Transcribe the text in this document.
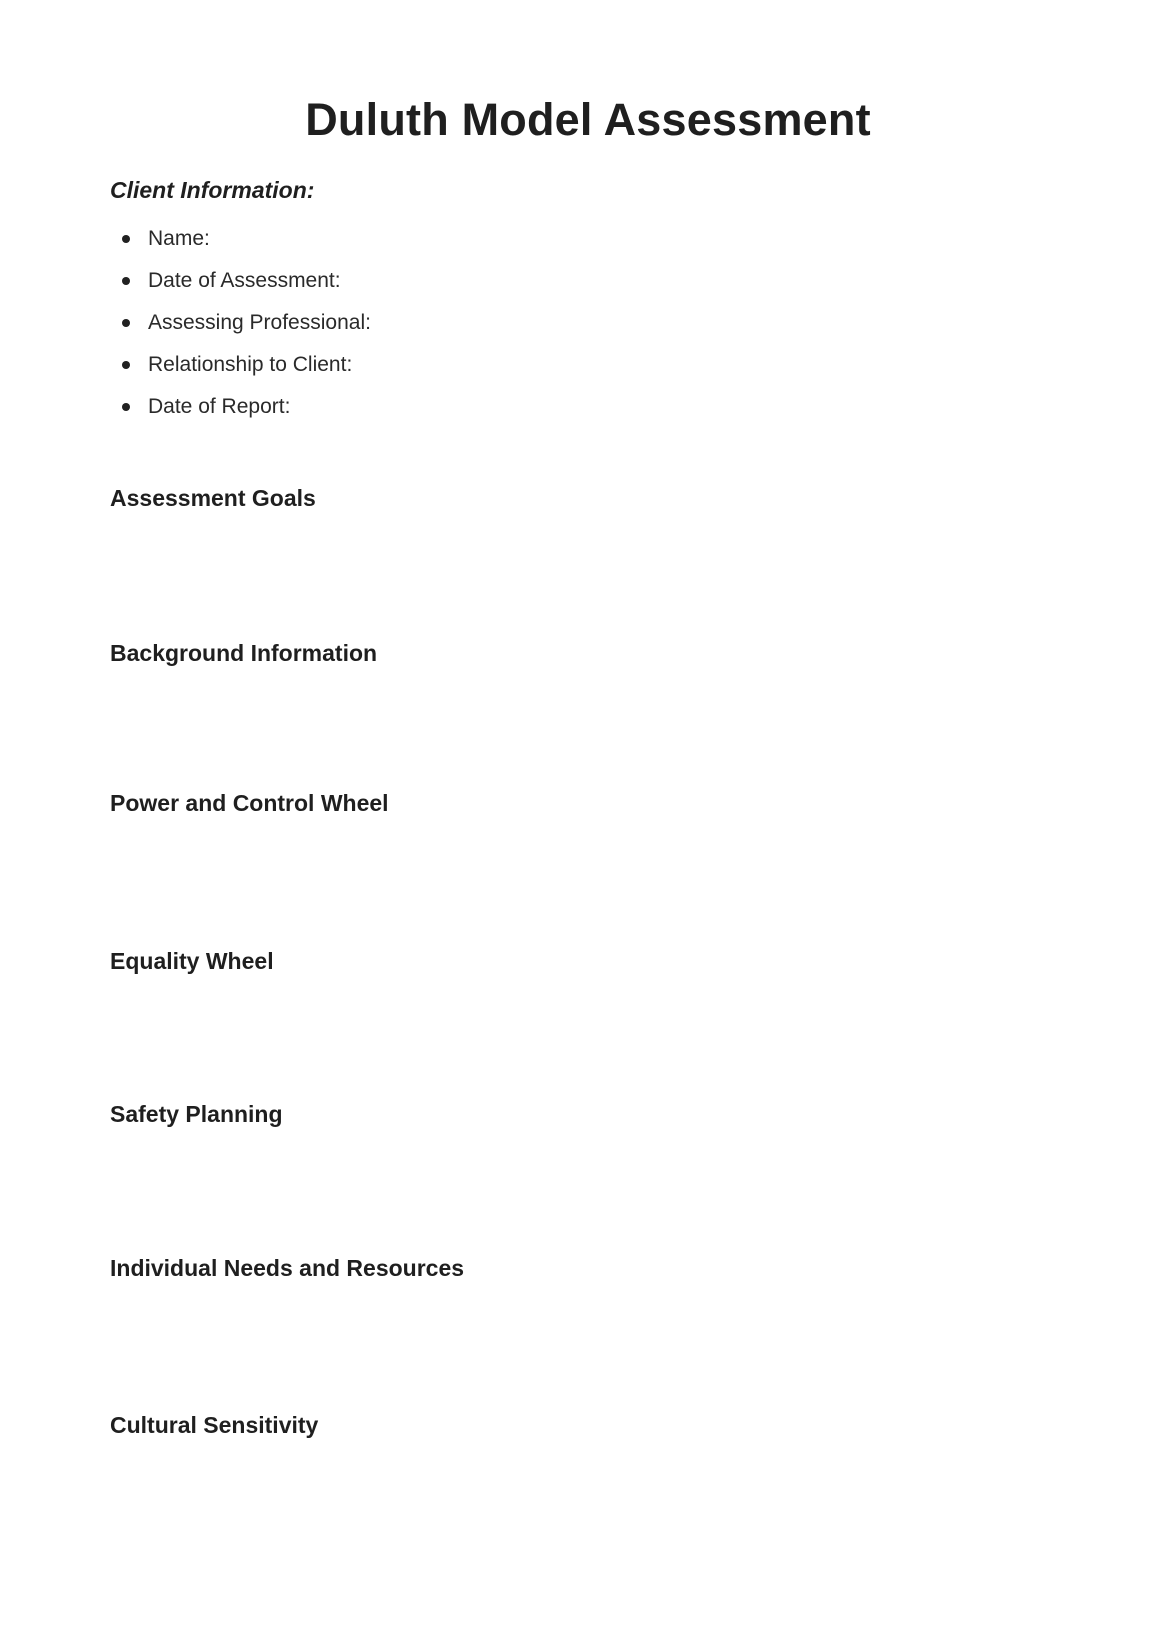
Duluth Model Assessment
Client Information:
Name:
Date of Assessment:
Assessing Professional:
Relationship to Client:
Date of Report:
Assessment Goals
Background Information
Power and Control Wheel
Equality Wheel
Safety Planning
Individual Needs and Resources
Cultural Sensitivity
